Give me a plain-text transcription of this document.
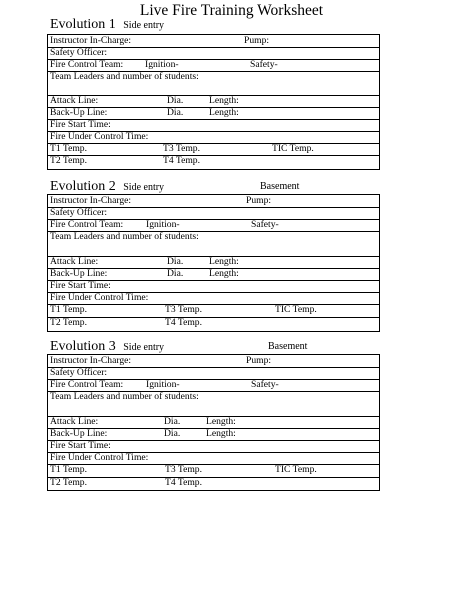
Live Fire Training Worksheet
Evolution 1 Side entry
Instructor In-Charge:	Pump:
Safety Officer:
Fire Control Team: Ignition-	Safety-
Team Leaders and number of students:
Attack Line:	Dia.	Length:
Back-Up Line:	Dia.	Length:
Fire Start Time:
Fire Under Control Time:
T1 Temp.	T3 Temp.	TIC Temp.
T2 Temp.	T4 Temp.
Evolution 2 Side entry	Basement
Instructor In-Charge:	Pump:
Safety Officer:
Fire Control Team: Ignition-	Safety-
Team Leaders and number of students:
Attack Line:	Dia.	Length:
Back-Up Line:	Dia.	Length:
Fire Start Time:
Fire Under Control Time:
T1 Temp.	T3 Temp.	TIC Temp.
T2 Temp.	T4 Temp.
Evolution 3 Side entry	Basement
Instructor In-Charge:	Pump:
Safety Officer:
Fire Control Team: Ignition-	Safety-
Team Leaders and number of students:
Attack Line:	Dia.	Length:
Back-Up Line:	Dia.	Length:
Fire Start Time:
Fire Under Control Time:
T1 Temp.	T3 Temp.	TIC Temp.
T2 Temp.	T4 Temp.
